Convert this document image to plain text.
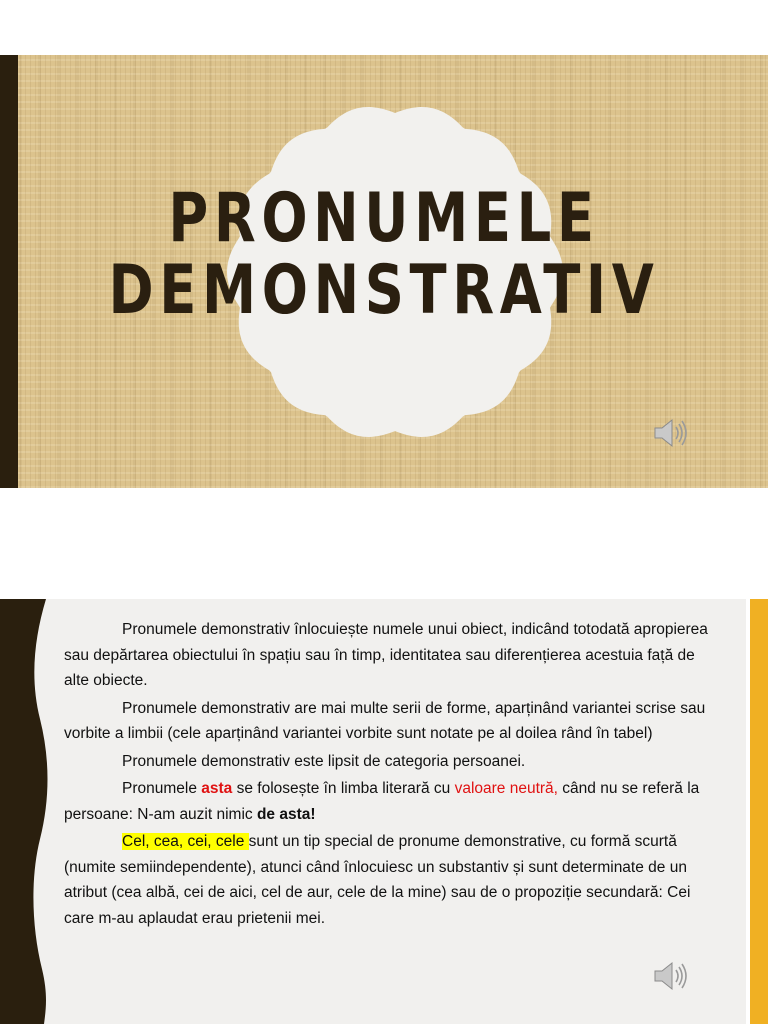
PRONUMELE
DEMONSTRATIV

Pronumele demonstrativ înlocuiește numele unui obiect, indicând totodată apropierea sau depărtarea obiectului în spațiu sau în timp, identitatea sau diferențierea acestuia față de alte obiecte.

Pronumele demonstrativ are mai multe serii de forme, aparținând variantei scrise sau vorbite a limbii (cele aparținând variantei vorbite sunt notate pe al doilea rând în tabel)

Pronumele demonstrativ este lipsit de categoria persoanei.

Pronumele asta se folosește în limba literară cu valoare neutră, când nu se referă la persoane: N-am auzit nimic de asta!

Cel, cea, cei, cele sunt un tip special de pronume demonstrative, cu formă scurtă (numite semiindependente), atunci când înlocuiesc un substantiv și sunt determinate de un atribut (cea albă, cei de aici, cel de aur, cele de la mine) sau de o propoziție secundară: Cei care m-au aplaudat erau prietenii mei.
